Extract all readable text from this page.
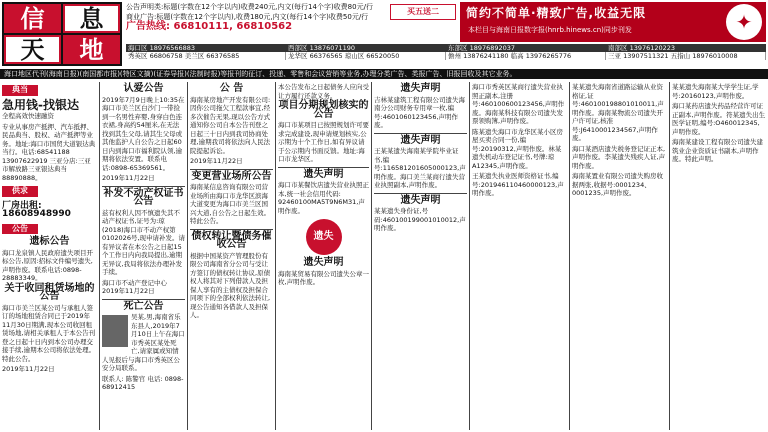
信	息
天	地
公告声明类:标题(字数在12个字以内)收费240元,内文(每行14个字)收费80元/行
商业广告:标题(字数在12个字以内),收费180元,内文(每行14个字)收费50元/行
广告热线: 66810111, 66810562
买五送二	简约不简单·精致广告,收益无限
本栏目与海南日报数字报(hnrb.hinews.cn)同步刊发	✦
海口区 18976566883	西部区 13876071190	东部区 18976892037	南部区 13976120223
秀英区 66806758 美兰区 66376585	龙华区 66376565 琼山区 66520050	儋州 13876241180 临高 13976265776	三亚 13907511321 五指山 18976010008
海口地区代刊(海南日报)(南国都市报)(特区文摘)(证券导报)(法制时报)等报刊的征订、投递、零售和会议营销等业务,办理分类广告、类报广告、旧报回收及其它业务。
典当
急用钱-找银达

全程高效快速融资

专业从事房产抵押、汽车抵押、民品典当、股权、动产抵押等业务。地址:海口市国贸大道银达典当行。电话:68541188 13907622919 三亚分店:三亚市解放路三亚银达典当 88890888。

供求
厂房出租: 18608948990
公告
遗标公告

海口龙泉镇人民政府遗失项目开标公告,原因:招标文件编号遗失,声明作废。联系电话:0898-28883349。

关于收回租赁场地的公告

海口市美兰区某公司与承租人签订的场地租赁合同已于2019年11月30日期满,现本公司收回租赁场地,请相关承租人于本公告刊登之日起十日内到本公司办理交接手续,逾期本公司将依法处理。特此公告。

2019年11月22日

认爱公告

2019年7月9日晚上10:35在海口市美兰区白沙门一带捡到一名男性弃婴,身穿白色连衣裙,身高约54厘米,在无法找到其生父母,请其生父母或其他监护人自公告之日起60日内到海口市福利院认领,逾期将依法安置。联系电话:0898-65369561。

2019年11月22日

补发不动产权证书公告

兹有权利人因不慎遗失其不动产权证书,证号为:琼(2018)海口市不动产权第0102026号,现申请补发。请有异议者在本公告之日起15个工作日内向我局提出,逾期无异议,我局将依法办理补发手续。

海口市不动产登记中心 2019年11月22日

死亡公告

吴某,男,海南省乐东县人,2019年7月10日上午在海口市秀英区某处死亡,请家属或知情人见报后与海口市秀英区公安分局联系。

联系人: 陈警官 电话: 0898-68912415

公 告

海南某房地产开发有限公司:因你公司拖欠工程款事宜,经多次催告无果,现以公告方式通知你公司自本公告刊登之日起三十日内到我司协商处理,逾期我司将依法向人民法院提起诉讼。

2019年11月22日

变更营业场所公告

海南某信息咨询有限公司营业场所由海口市龙华区滨海大道变更为海口市美兰区国兴大道,自公告之日起生效。特此公告。

债权转让暨债务催收公告

根据中国某资产管理股份有限公司海南省分公司与受让方签订的债权转让协议,原债权人将其对下列借款人及担保人享有的主债权及担保合同项下的全部权利依法转让,现公告通知各借款人及担保人。

本公告发布之日起债务人应向受让方履行还款义务。

项目分期规划核实的公告

海口市某项目已按照规划许可要求完成建设,现申请规划核实,公示期为十个工作日,如有异议请于公示期内书面反馈。地址:海口市龙华区。

遗失声明

海口市某餐饮店遗失营业执照正本,统一社会信用代码: 92460100MA5T9N6M31,声明作废。

遗失
遗失声明

海南某贸易有限公司遗失公章一枚,声明作废。

遗失声明

吉林某建筑工程有限公司遗失海南分公司财务专用章一枚,编号:4601060123456,声明作废。

遗失声明

王某某遗失海南某学院毕业证书,编号:116581201605000123,声明作废。海口美兰某商行遗失营业执照副本,声明作废。

遗失声明

某某遗失身份证,号码:460100199001010012,声明作废。

海口市秀英区某商行遗失营业执照正副本,注册号:460100600123456,声明作废。海南某科技有限公司遗失发票领购簿,声明作废。

陈某遗失海口市龙华区某小区房屋买卖合同一份,编号:20190312,声明作废。林某遗失机动车登记证书,号牌:琼A12345,声明作废。

王某遗失执业医师资格证书,编号:201946110460000123,声明作废。

某某遗失海南省道路运输从业资格证,证号:460100198801010011,声明作废。海南某物流公司遗失开户许可证,核准号:J6410001234567,声明作废。

海口某酒店遗失税务登记证正本,声明作废。李某遗失残疾人证,声明作废。

海南某置业有限公司遗失购房收据两张,收据号:0001234、0001235,声明作废。

某某遗失海南某大学学生证,学号:20160123,声明作废。

海口某药店遗失药品经营许可证正副本,声明作废。符某遗失出生医学证明,编号:O460012345,声明作废。

海南某建设工程有限公司遗失建筑业企业资质证书副本,声明作废。特此声明。
